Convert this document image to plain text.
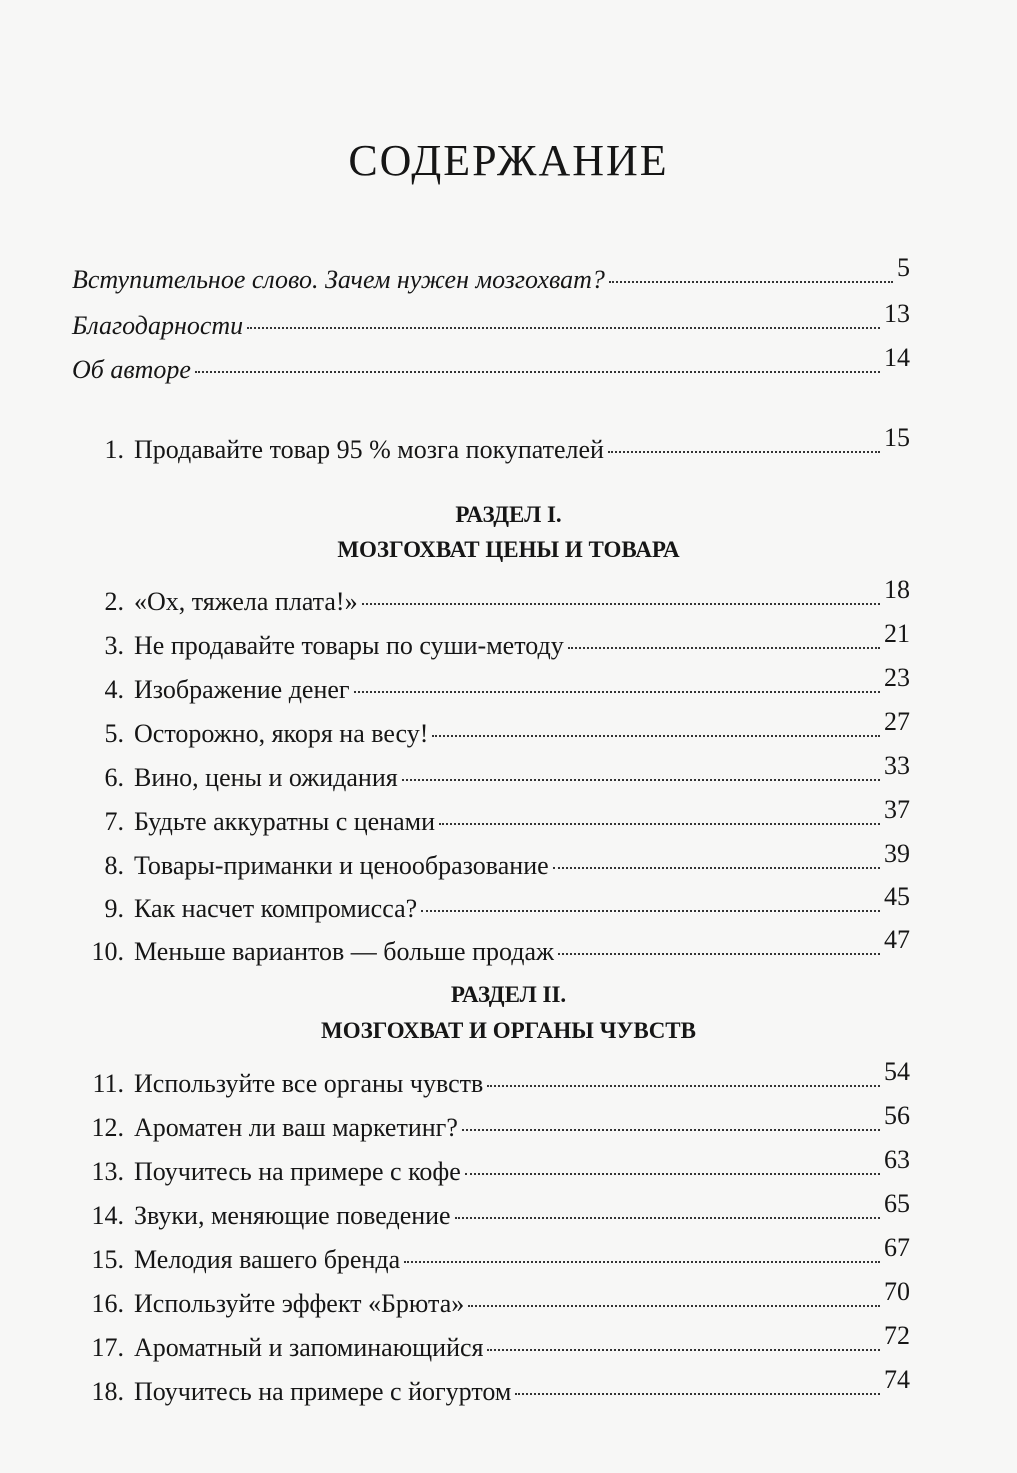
СОДЕРЖАНИЕ
Вступительное слово. Зачем нужен мозгохват?	5
Благодарности	13
Об авторе	14
1. Продавайте товар 95 % мозга покупателей	15
РАЗДЕЛ I.
МОЗГОХВАТ ЦЕНЫ И ТОВАРА
2. «Ох, тяжела плата!»	18
3. Не продавайте товары по суши-методу	21
4. Изображение денег	23
5. Осторожно, якоря на весу!	27
6. Вино, цены и ожидания	33
7. Будьте аккуратны с ценами	37
8. Товары-приманки и ценообразование	39
9. Как насчет компромисса?	45
10. Меньше вариантов — больше продаж	47
РАЗДЕЛ II.
МОЗГОХВАТ И ОРГАНЫ ЧУВСТВ
11. Используйте все органы чувств	54
12. Ароматен ли ваш маркетинг?	56
13. Поучитесь на примере с кофе	63
14. Звуки, меняющие поведение	65
15. Мелодия вашего бренда	67
16. Используйте эффект «Брюта»	70
17. Ароматный и запоминающийся	72
18. Поучитесь на примере с йогуртом	74
